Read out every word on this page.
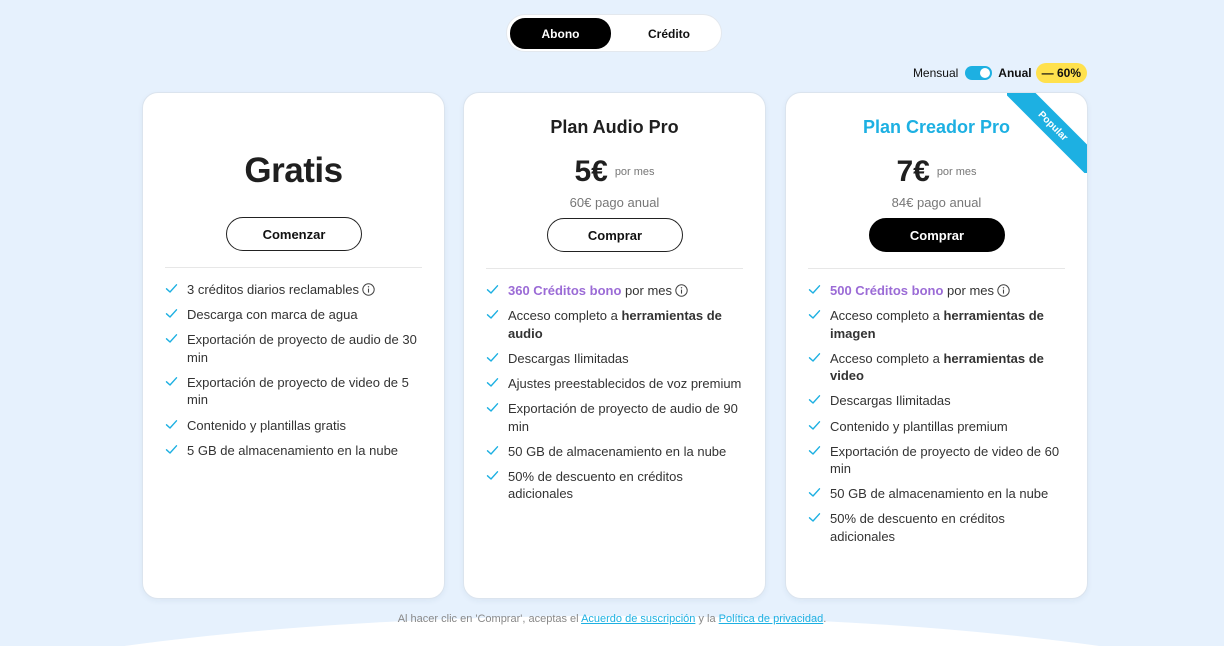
Abono	Crédito
Mensual	Anual — 60%
Gratis
Comenzar
3 créditos diarios reclamables
Descarga con marca de agua
Exportación de proyecto de audio de 30 min
Exportación de proyecto de video de 5 min
Contenido y plantillas gratis
5 GB de almacenamiento en la nube
Plan Audio Pro
5€ por mes
60€ pago anual
Comprar
360 Créditos bono por mes
Acceso completo a herramientas de audio
Descargas Ilimitadas
Ajustes preestablecidos de voz premium
Exportación de proyecto de audio de 90 min
50 GB de almacenamiento en la nube
50% de descuento en créditos adicionales
Popular
Plan Creador Pro
7€ por mes
84€ pago anual
Comprar
500 Créditos bono por mes
Acceso completo a herramientas de imagen
Acceso completo a herramientas de video
Descargas Ilimitadas
Contenido y plantillas premium
Exportación de proyecto de video de 60 min
50 GB de almacenamiento en la nube
50% de descuento en créditos adicionales
Al hacer clic en 'Comprar', aceptas el Acuerdo de suscripción y la Política de privacidad.
